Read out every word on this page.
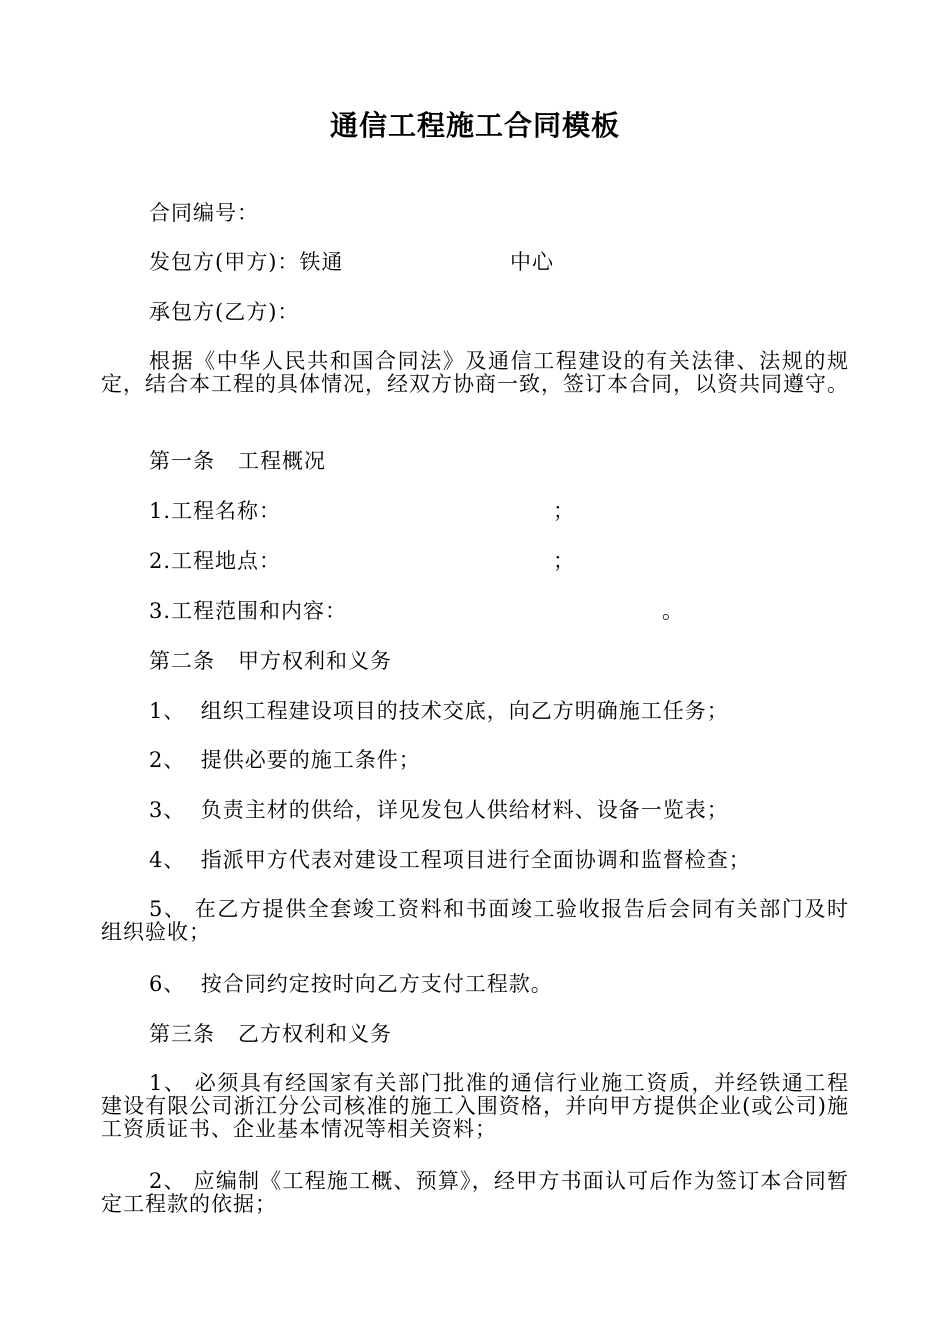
通信工程施工合同模板
合同编号：
发包方(甲方)：铁通	中心
承包方(乙方)：
根据《中华人民共和国合同法》及通信工程建设的有关法律、法规的规定，结合本工程的具体情况，经双方协商一致，签订本合同，以资共同遵守。
第一条   工程概况
1.工程名称：	；
2.工程地点：	；
3.工程范围和内容：	。
第二条   甲方权利和义务
1、  组织工程建设项目的技术交底，向乙方明确施工任务；
2、  提供必要的施工条件；
3、  负责主材的供给，详见发包人供给材料、设备一览表；
4、  指派甲方代表对建设工程项目进行全面协调和监督检查；
5、 在乙方提供全套竣工资料和书面竣工验收报告后会同有关部门及时组织验收；
6、  按合同约定按时向乙方支付工程款。
第三条   乙方权利和义务
1、 必须具有经国家有关部门批准的通信行业施工资质，并经铁通工程建设有限公司浙江分公司核准的施工入围资格，并向甲方提供企业(或公司)施工资质证书、企业基本情况等相关资料；
2、 应编制《工程施工概、预算》，经甲方书面认可后作为签订本合同暂定工程款的依据；
